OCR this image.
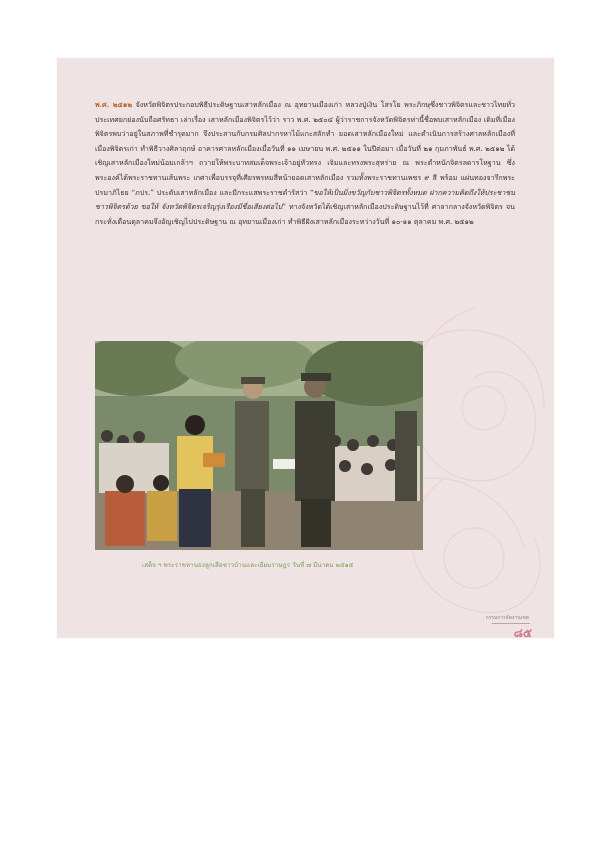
พ.ศ. ๒๕๑๒ จังหวัดพิจิตรประกอบพิธีประดิษฐานเสาหลักเมือง ณ อุทยานเมืองเก่า หลวงปู่เงิน โสรโย พระภิกษุซึ่งชาวพิจิตรและชาวไทยทั่วประเทศยกย่องนับถือศรัทธา เล่าเรื่อง เสาหลักเมืองพิจิตรไว้ว่า ราว พ.ศ. ๒๕๐๔ ผู้ว่าราชการจังหวัดพิจิตรท่านี้ชื่อพบเสาหลักเมือง เดิมที่เมืองพิจิตรพบว่าอยู่ในสภาพที่ชำรุดมาก จึงประสานกับกรมศิลปากรหาไม้แกะสลักทำ ยอดเสาหลักเมืองใหม่ และดำเนินการสร้างศาลหลักเมืองที่เมืองพิจิตรเก่า ทำพิธีวางศิลาฤกษ์ อาคารศาลหลักเมืองเมื่อวันที่ ๑๑ เมษายน พ.ศ. ๒๕๑๑ ในปีต่อมา เมื่อวันที่ ๒๑ กุมภาพันธ์ พ.ศ. ๒๕๑๒ ได้เชิญเสาหลักเมืองใหม่น้อมเกล้าฯ ถวายให้พระบาทสมเด็จพระเจ้าอยู่หัวทรง เจิมและทรงพระสุหร่าย ณ พระตำหนักจิตรลดารโหฐาน ซึ่งพระองค์ได้พระราชทานเส้นพระ เกศาเพื่อบรรจุที่เศียรพรหมสี่หน้ายอดเสาหลักเมือง รวมทั้งพระราชทานเพชร ๙ สี พร้อม แผ่นทองจารึกพระปรมาภิไธย “ภปร.” ประดับเสาหลักเมือง และมีกระแสพระราชดำรัสว่า “ขอให้เป็นมิ่งขวัญกับชาวพิจิตรทั้งหมด ฝากความคิดถึงให้ประชาชนชาวพิจิตรด้วย ขอให้ จังหวัดพิจิตรเจริญรุ่งเรืองมีชื่อเสียงต่อไป” ทางจังหวัดได้เชิญเสาหลักเมืองประดิษฐานไว้ที่ ศาลากลางจังหวัดพิจิตร จนกระทั่งเดือนตุลาคมจึงอัญเชิญไปประดิษฐาน ณ อุทยานเมืองเก่า ทำพิธีฝังเสาหลักเมืองระหว่างวันที่ ๑๐-๑๑ ตุลาคม พ.ศ. ๒๕๑๒

เสด็จ ฯ พระราชทานธงลูกเสือชาวบ้านและเยี่ยมราษฎร วันที่ ๗ มีนาคม ๒๕๑๕
กรรมการจัดงานเขต
๘๕
